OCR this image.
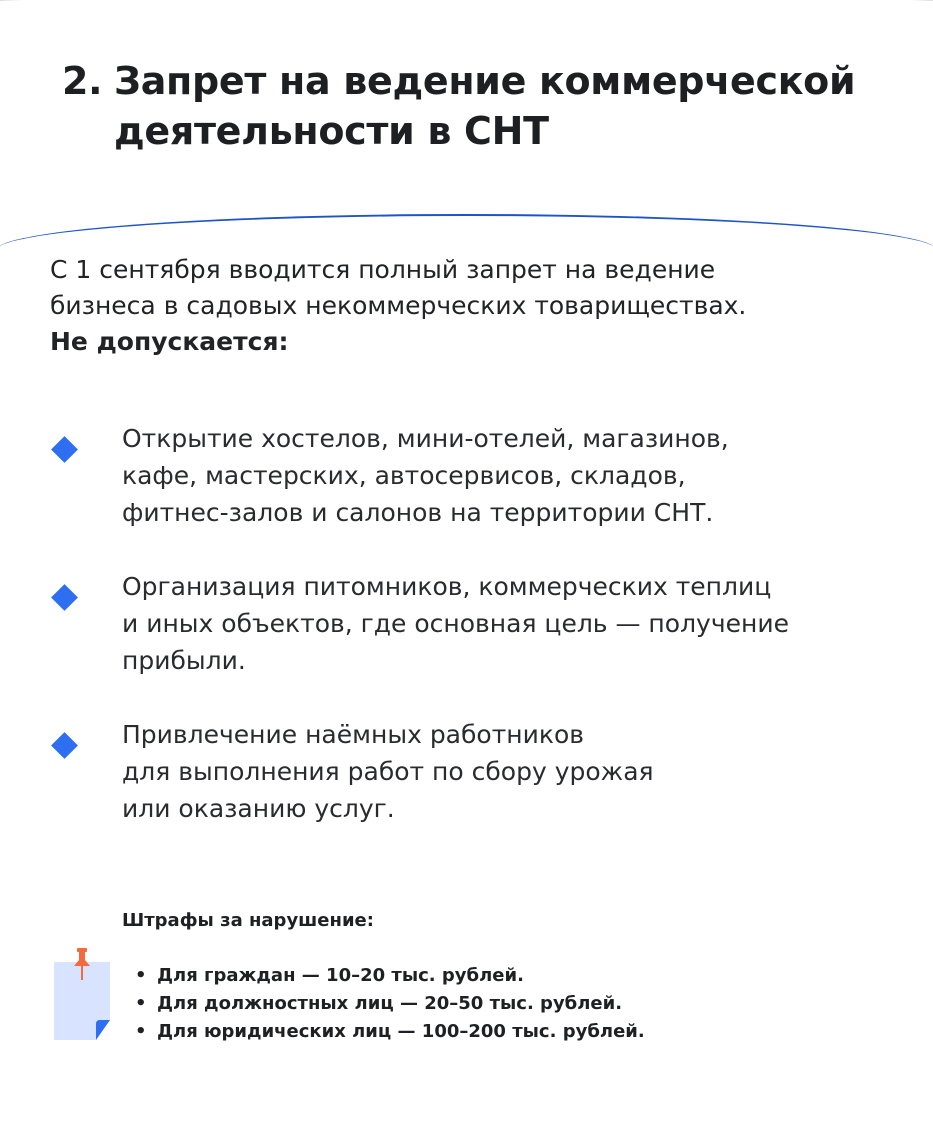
2. Запрет на ведение коммерческой
деятельности в СНТ

С 1 сентября вводится полный запрет на ведение

бизнеса в садовых некоммерческих товариществах.

Не допускается:

Открытие хостелов, мини-отелей, магазинов,
кафе, мастерских, автосервисов, складов,
фитнес-залов и салонов на территории СНТ.

Организация питомников, коммерческих теплиц
и иных объектов, где основная цель — получение
прибыли.

Привлечение наёмных работников
для выполнения работ по сбору урожая
или оказанию услуг.

Штрафы за нарушение:

• Для граждан — 10–20 тыс. рублей.
• Для должностных лиц — 20–50 тыс. рублей.
• Для юридических лиц — 100–200 тыс. рублей.
